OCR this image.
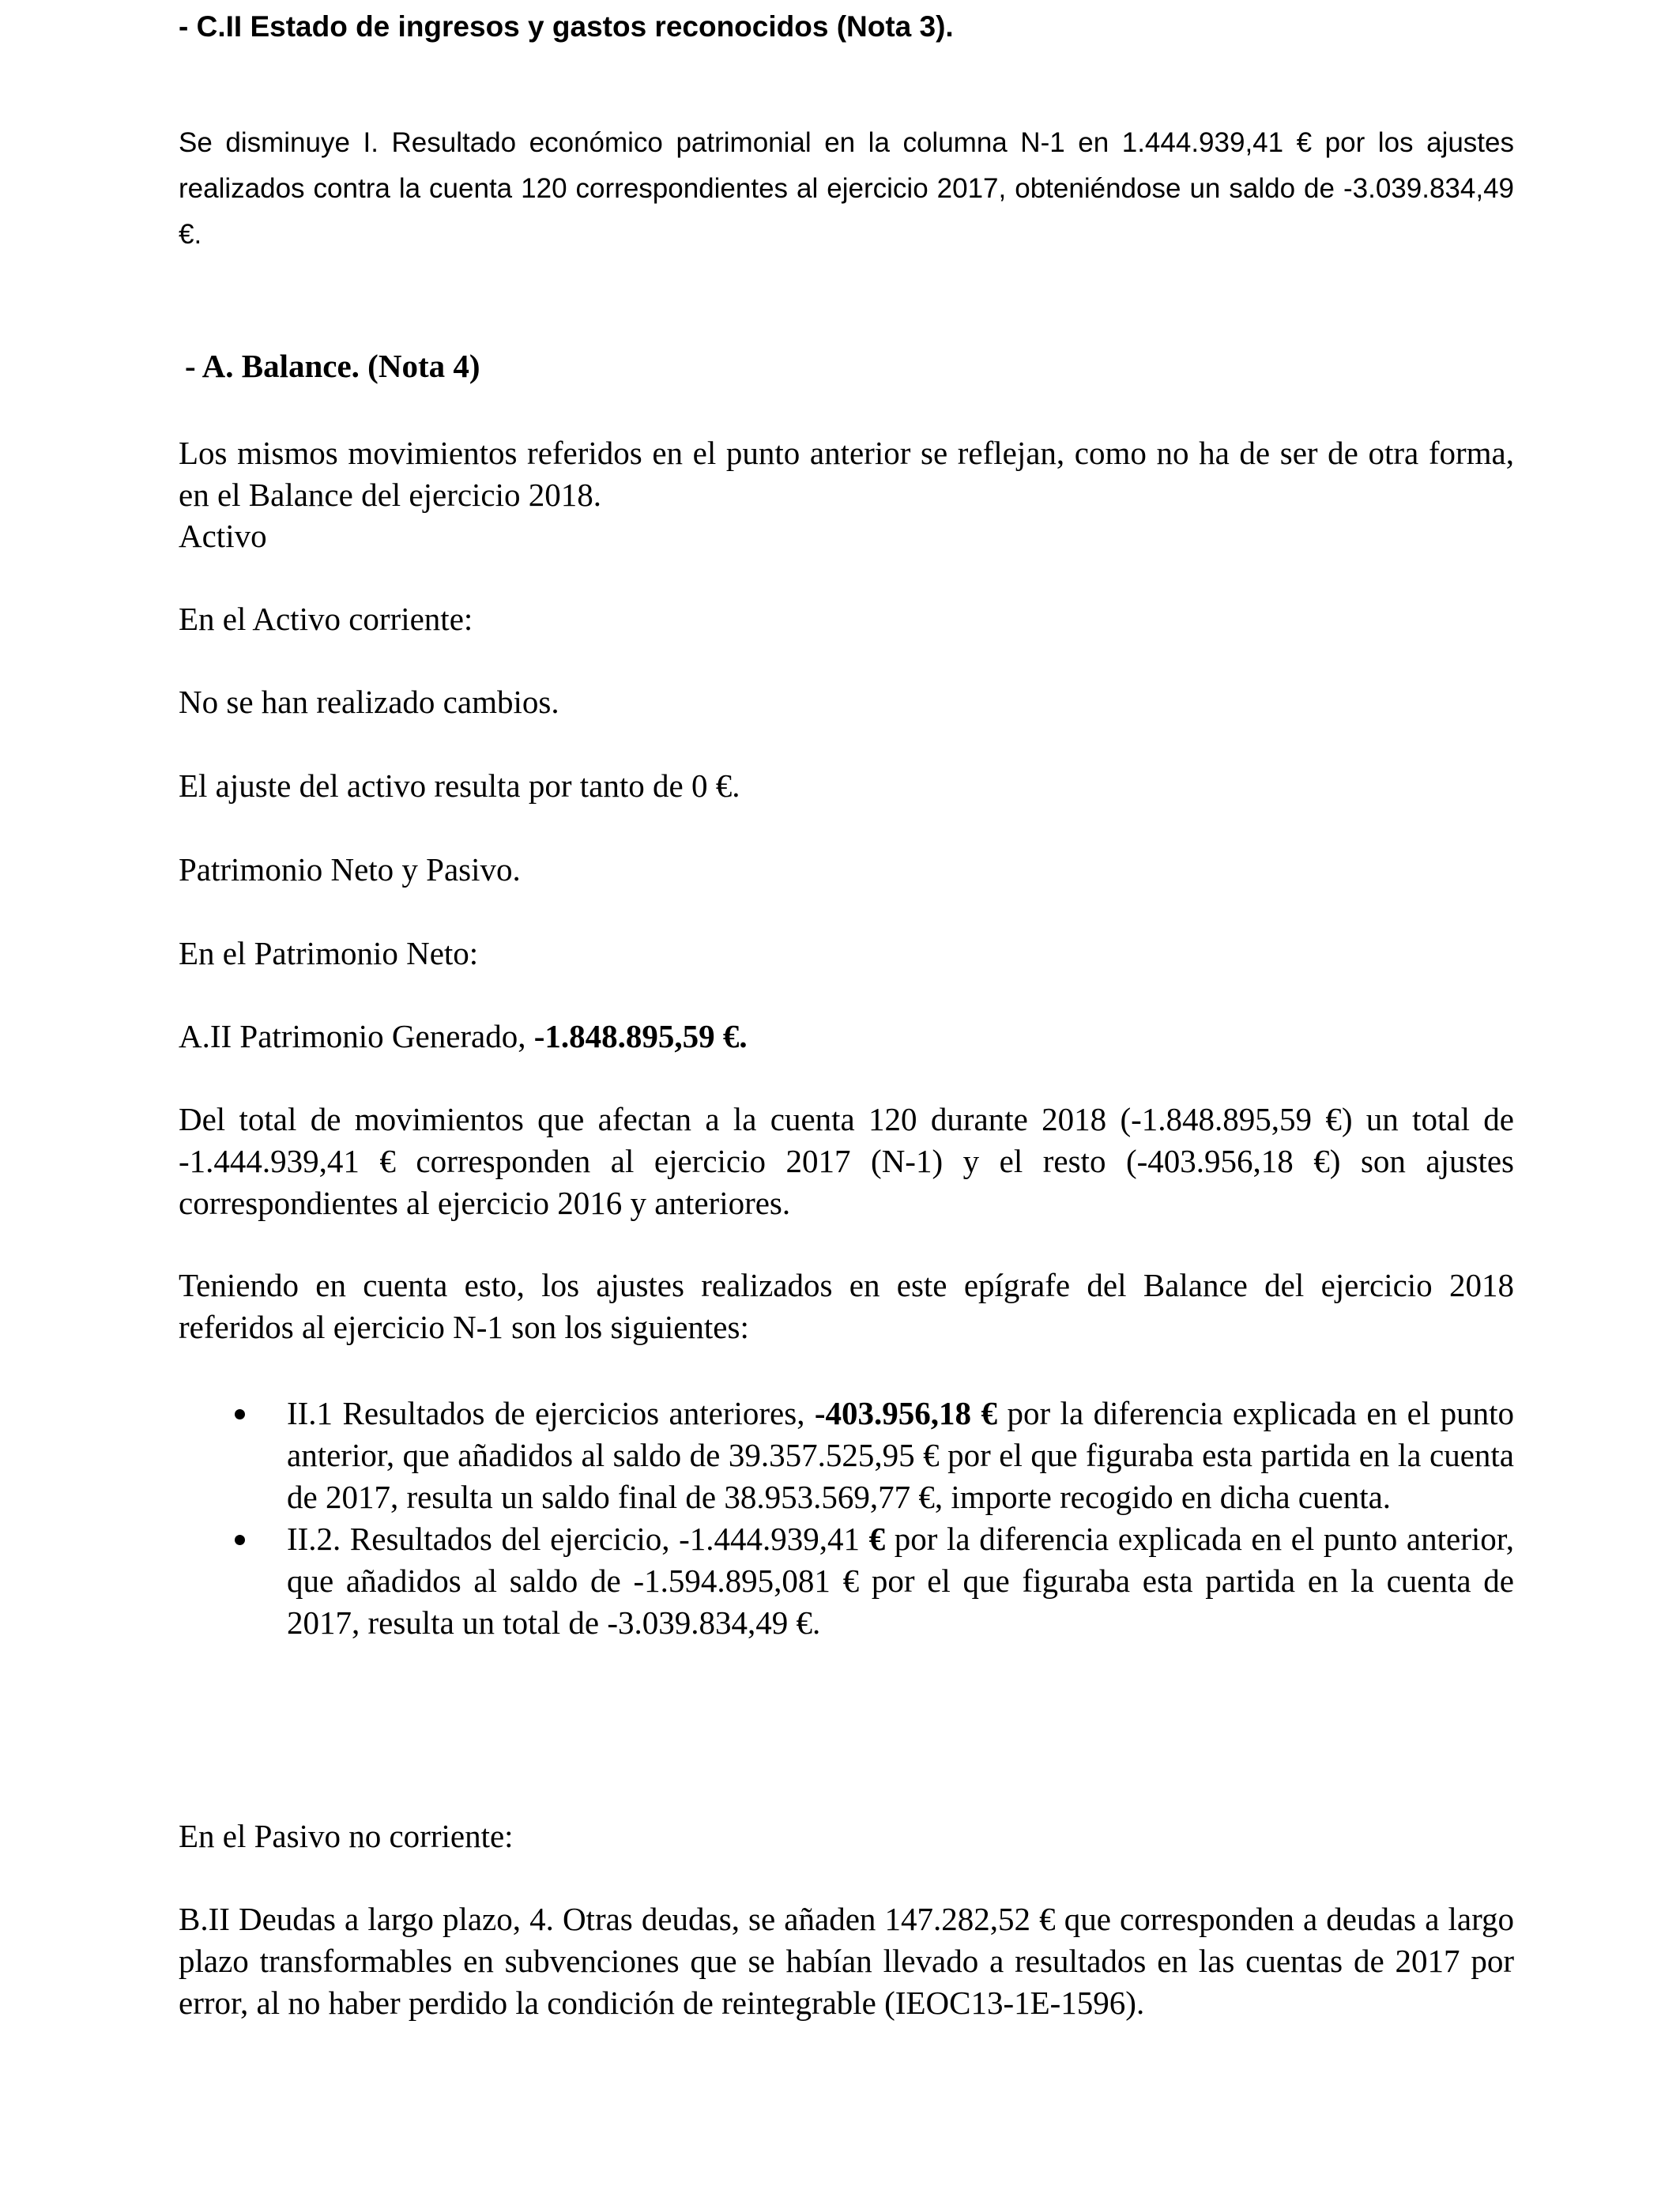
- C.II Estado de ingresos y gastos reconocidos (Nota 3).

Se disminuye I. Resultado económico patrimonial en la columna N-1 en 1.444.939,41 € por los ajustes realizados contra la cuenta 120 correspondientes al ejercicio 2017, obteniéndose un saldo de -3.039.834,49 €.

- A. Balance. (Nota 4)

Los mismos movimientos referidos en el punto anterior se reflejan, como no ha de ser de otra forma, en el Balance del ejercicio 2018.

Activo

En el Activo corriente:

No se han realizado cambios.

El ajuste del activo resulta por tanto de 0 €.

Patrimonio Neto y Pasivo.

En el Patrimonio Neto:

A.II Patrimonio Generado, -1.848.895,59 €.

Del total de movimientos que afectan a la cuenta 120 durante 2018 (-1.848.895,59 €) un total de -1.444.939,41 € corresponden al ejercicio 2017 (N-1) y el resto (-403.956,18 €) son ajustes correspondientes al ejercicio 2016 y anteriores.

Teniendo en cuenta esto, los ajustes realizados en este epígrafe del Balance del ejercicio 2018 referidos al ejercicio N-1 son los siguientes:

II.1 Resultados de ejercicios anteriores, -403.956,18 € por la diferencia explicada en el punto anterior, que añadidos al saldo de 39.357.525,95 € por el que figuraba esta partida en la cuenta de 2017, resulta un saldo final de 38.953.569,77 €, importe recogido en dicha cuenta.
II.2. Resultados del ejercicio, -1.444.939,41 € por la diferencia explicada en el punto anterior, que añadidos al saldo de -1.594.895,081 € por el que figuraba esta partida en la cuenta de 2017, resulta un total de -3.039.834,49 €.

En el Pasivo no corriente:

B.II Deudas a largo plazo, 4. Otras deudas, se añaden 147.282,52 € que corresponden a deudas a largo plazo transformables en subvenciones que se habían llevado a resultados en las cuentas de 2017 por error, al no haber perdido la condición de reintegrable (IEOC13-1E-1596).
